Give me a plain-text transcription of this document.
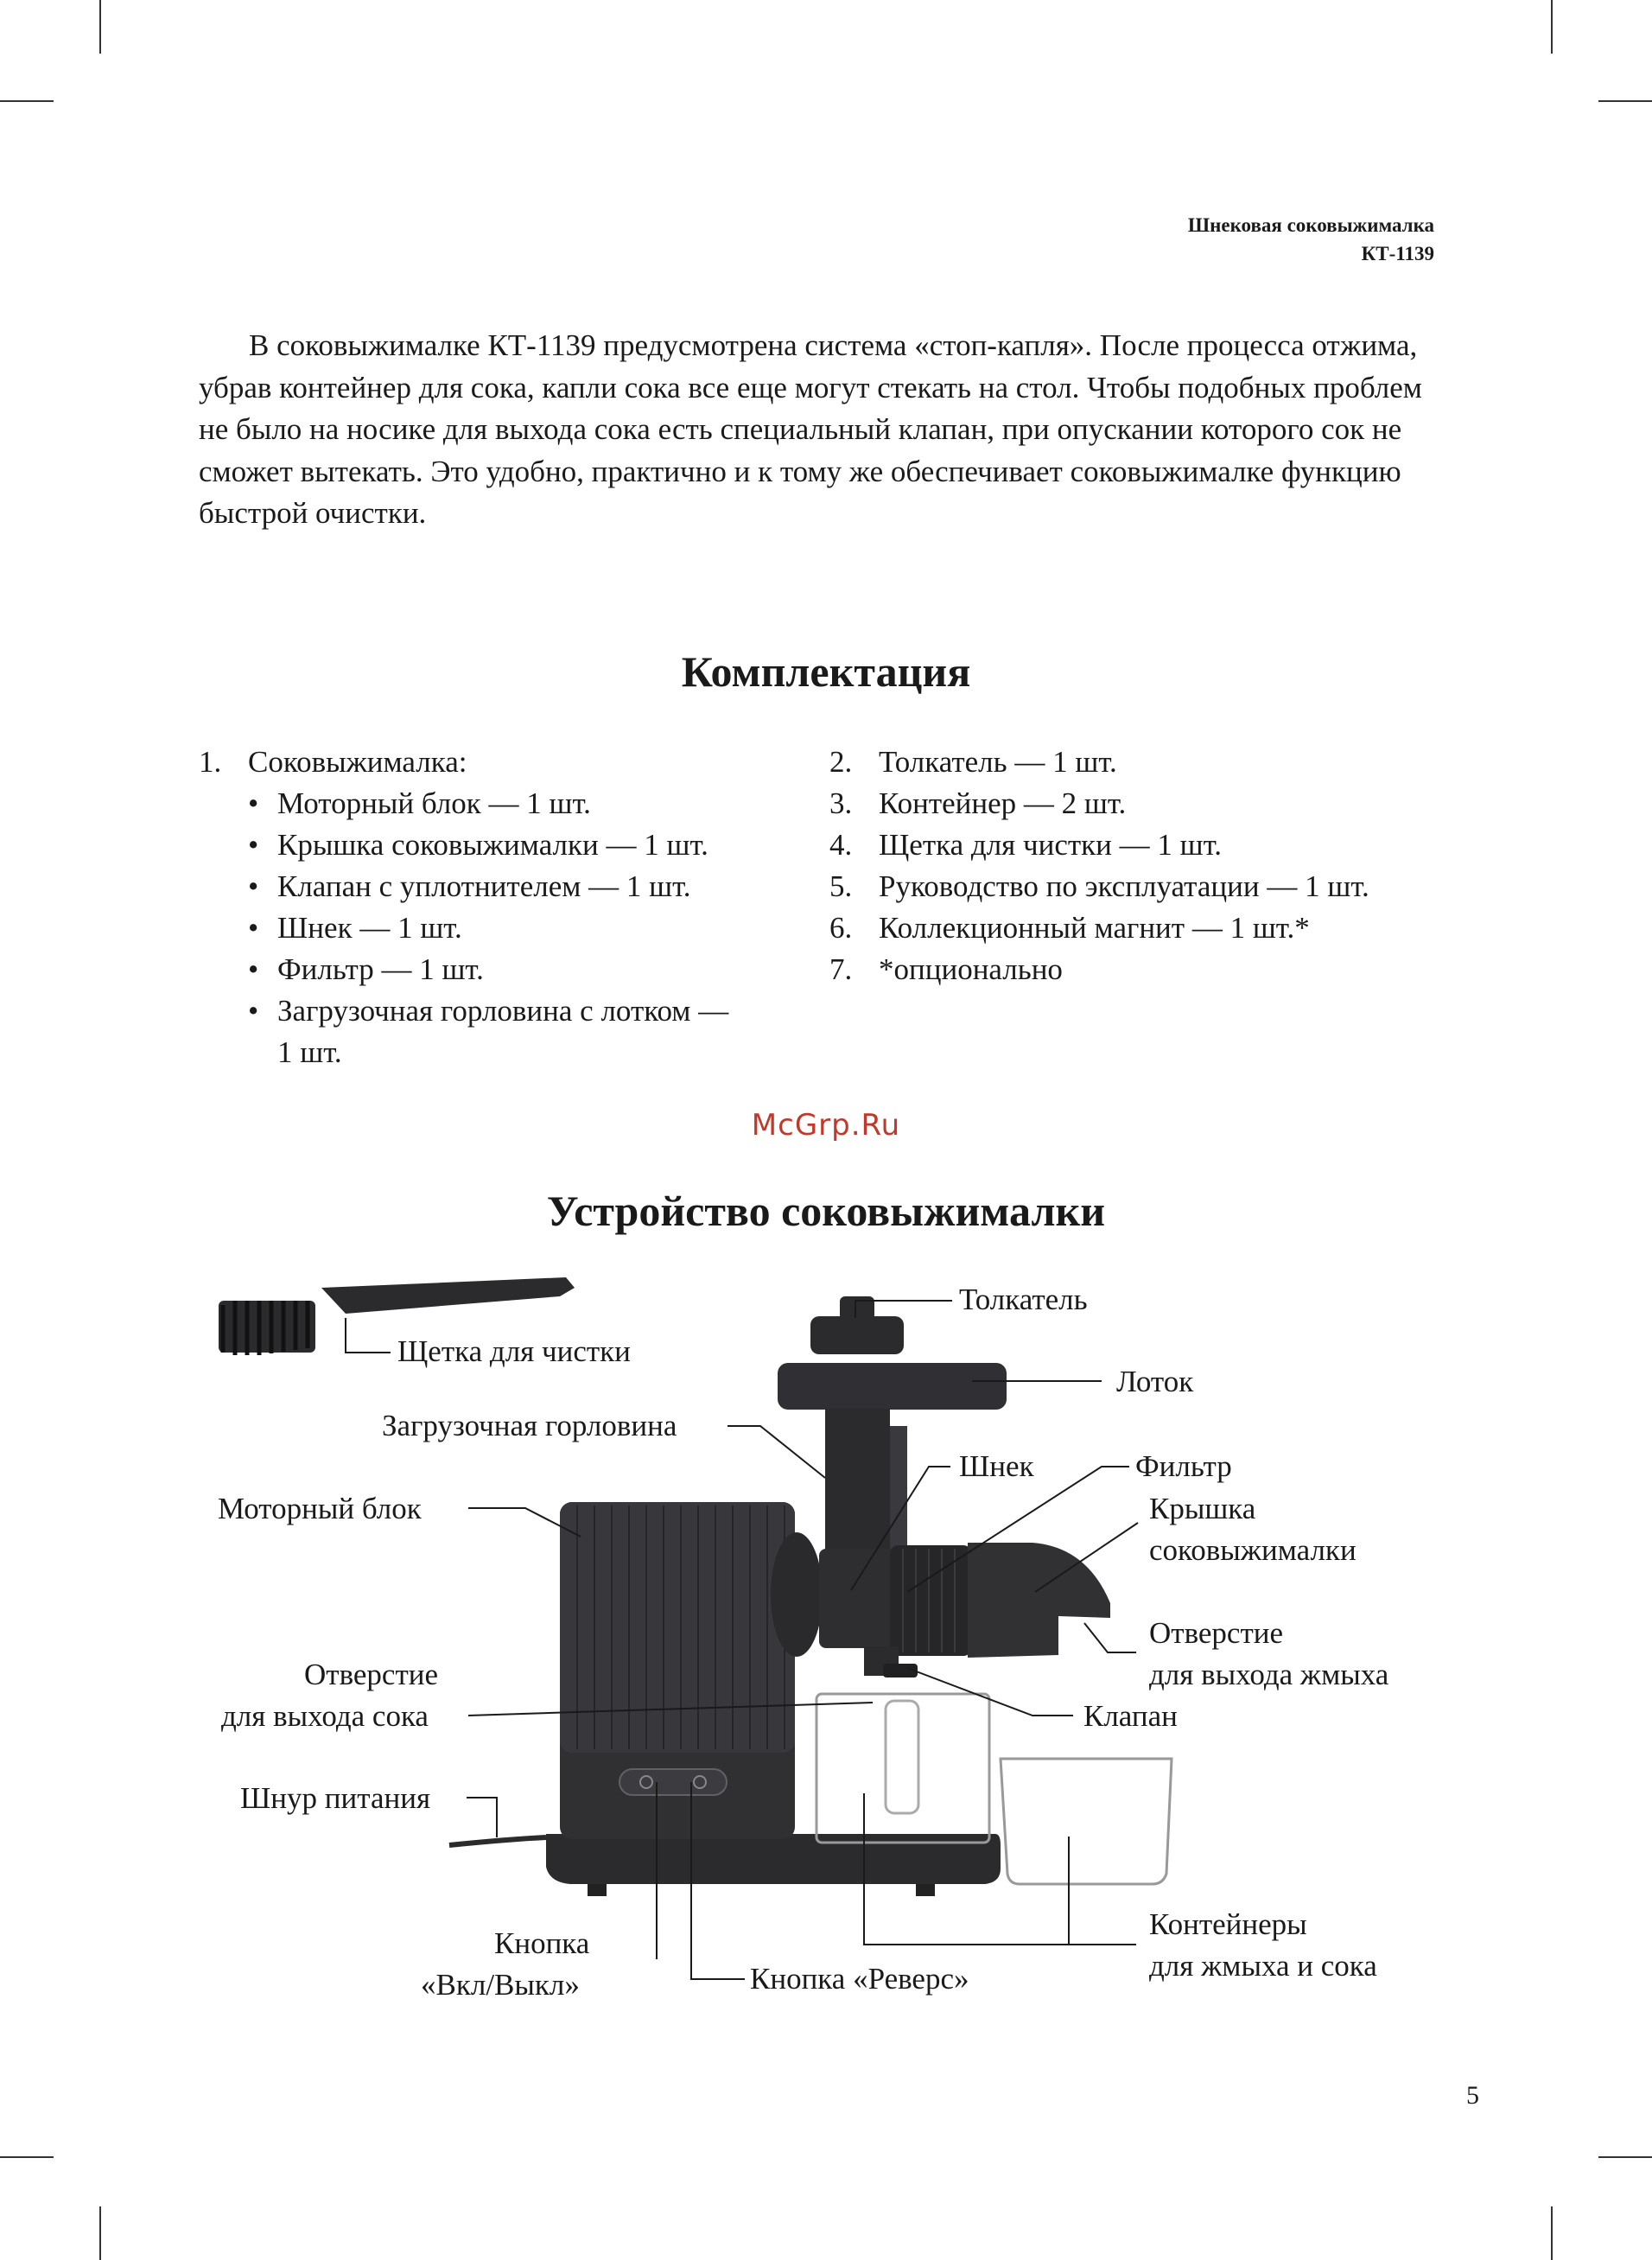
Шнековая соковыжималка
КТ-1139

В соковыжималке КТ-1139 предусмотрена система «стоп-капля». После процесса отжима, убрав контейнер для сока, капли сока все еще могут стекать на стол. Чтобы подобных проблем не было на носике для выхода сока есть специальный клапан, при опускании которого сок не сможет вытекать. Это удобно, практично и к тому же обеспечивает соковыжималке функцию быстрой очистки.

Комплектация
1. Соковыжималка:
• Моторный блок — 1 шт.
• Крышка соковыжималки — 1 шт.
• Клапан с уплотнителем — 1 шт.
• Шнек — 1 шт.
• Фильтр — 1 шт.
• Загрузочная горловина с лотком —
1 шт.
2. Толкатель — 1 шт.
3. Контейнер — 2 шт.
4. Щетка для чистки — 1 шт.
5. Руководство по эксплуатации — 1 шт.
6. Коллекционный магнит — 1 шт.*
7. *опционально
McGrp.Ru
Устройство соковыжималки
Толкатель
Щетка для чистки
Лоток
Загрузочная горловина
Шнек	Фильтр
Моторный блок	Крышка
соковыжималки
Отверстие
для выхода жмыха
Отверстие
для выхода сока	Клапан
Шнур питания
Контейнеры
для жмыха и сока
Кнопка
«Вкл/Выкл»	Кнопка «Реверс»
5
